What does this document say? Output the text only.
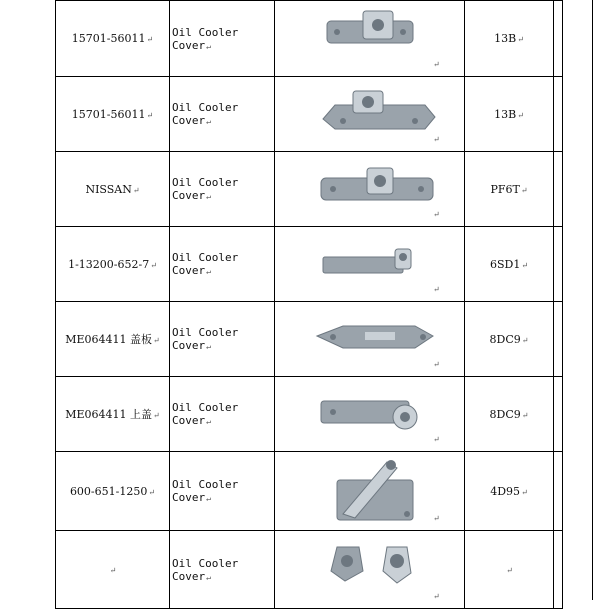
15701-56011↵	Oil Cooler Cover↵	↵	13B↵	
15701-56011↵	Oil Cooler Cover↵	↵	13B↵	
NISSAN↵	Oil Cooler Cover↵	↵	PF6T↵	
1-13200-652-7↵	Oil Cooler Cover↵	↵	6SD1↵	
ME064411 盖板↵	Oil Cooler Cover↵	↵	8DC9↵	
ME064411 上盖↵	Oil Cooler Cover↵	↵	8DC9↵	
600-651-1250↵	Oil Cooler Cover↵	↵	4D95↵	
↵	Oil Cooler Cover↵	↵	↵	
